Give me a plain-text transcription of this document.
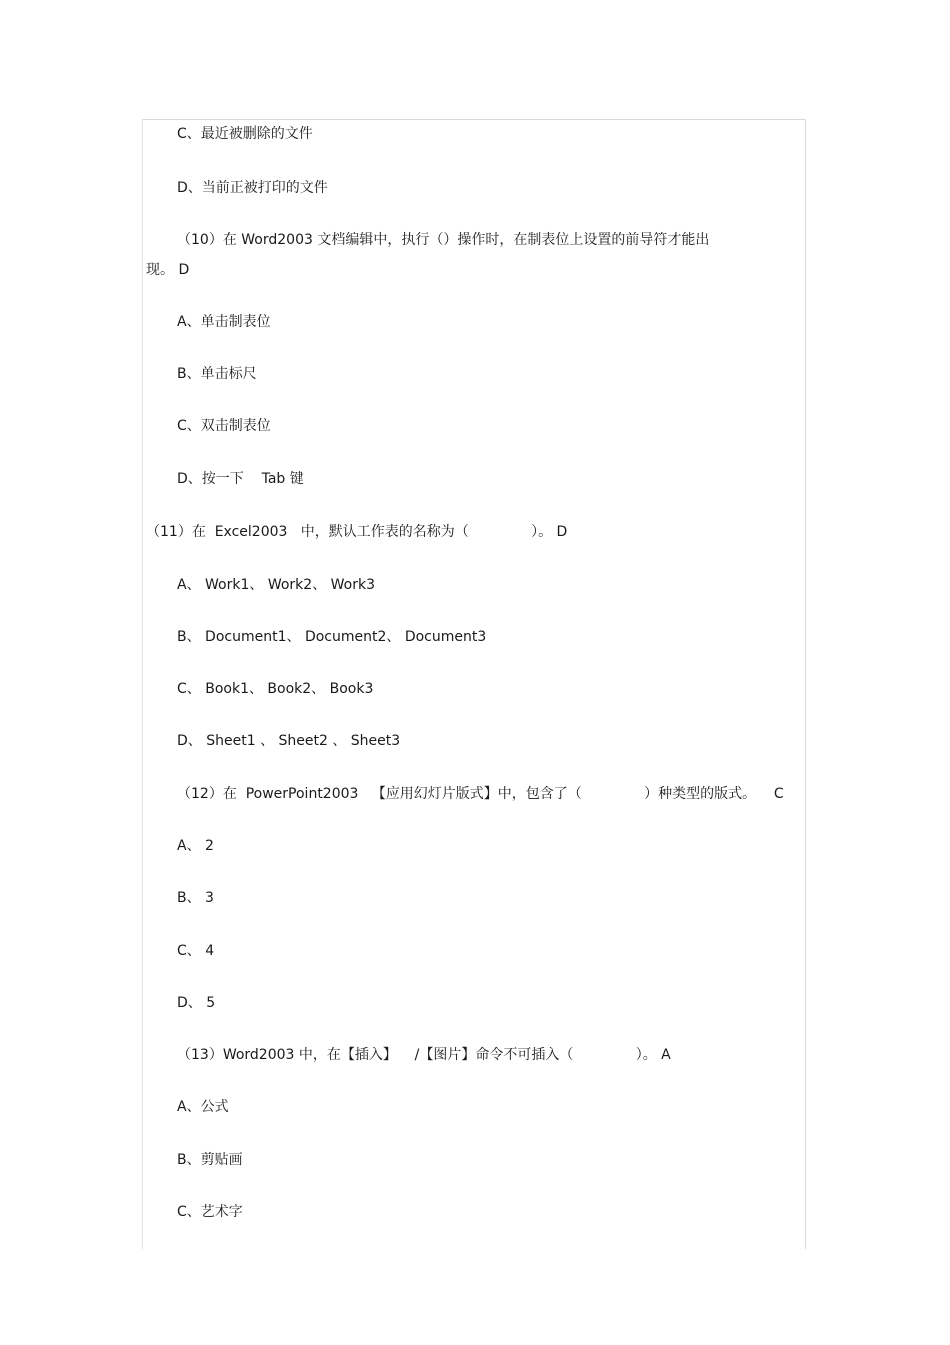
C、最近被删除的文件
D、当前正被打印的文件
（10）在 Word2003 文档编辑中，执行（）操作时，在制表位上设置的前导符才能出
现。 D
A、单击制表位
B、单击标尺
C、双击制表位
D、按一下    Tab 键
（11）在  Excel2003   中，默认工作表的名称为（              ）。 D
A、 Work1、 Work2、 Work3
B、 Document1、 Document2、 Document3
C、 Book1、 Book2、 Book3
D、 Sheet1 、 Sheet2 、 Sheet3
（12）在  PowerPoint2003   【应用幻灯片版式】中，包含了（              ）种类型的版式。    C
A、 2
B、 3
C、 4
D、 5
（13）Word2003 中，在【插入】    /【图片】命令不可插入（              ）。 A
A、公式
B、剪贴画
C、艺术字
